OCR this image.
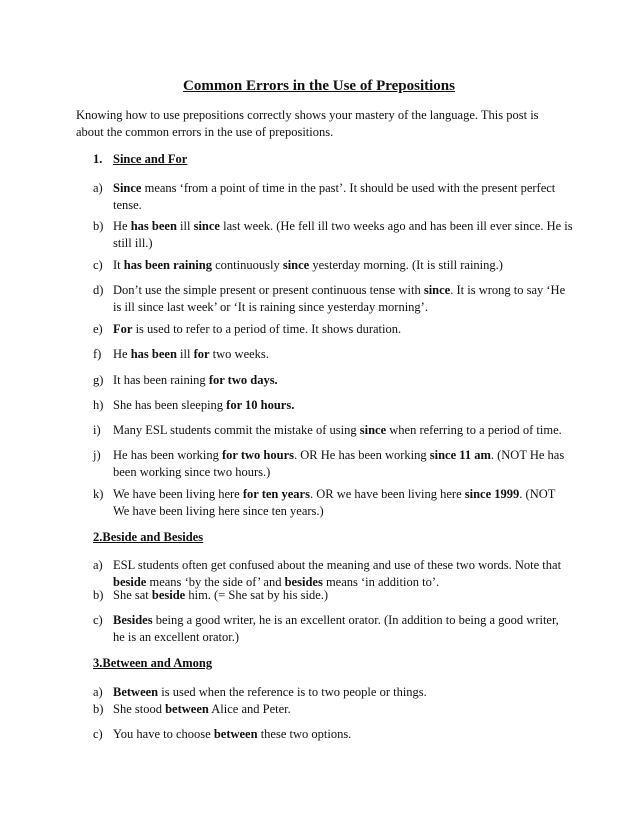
Common Errors in the Use of Prepositions
Knowing how to use prepositions correctly shows your mastery of the language. This post is about the common errors in the use of prepositions.
1. Since and For
a) Since means ‘from a point of time in the past’. It should be used with the present perfect tense.
b) He has been ill since last week. (He fell ill two weeks ago and has been ill ever since. He is still ill.)
c) It has been raining continuously since yesterday morning. (It is still raining.)
d) Don’t use the simple present or present continuous tense with since. It is wrong to say ‘He is ill since last week’ or ‘It is raining since yesterday morning’.
e) For is used to refer to a period of time. It shows duration.
f) He has been ill for two weeks.
g) It has been raining for two days.
h) She has been sleeping for 10 hours.
i) Many ESL students commit the mistake of using since when referring to a period of time.
j) He has been working for two hours. OR He has been working since 11 am. (NOT He has been working since two hours.)
k) We have been living here for ten years. OR we have been living here since 1999. (NOT We have been living here since ten years.)
2.Beside and Besides
a) ESL students often get confused about the meaning and use of these two words. Note that beside means ‘by the side of’ and besides means ‘in addition to’.
b) She sat beside him. (= She sat by his side.)
c) Besides being a good writer, he is an excellent orator. (In addition to being a good writer, he is an excellent orator.)
3.Between and Among
a) Between is used when the reference is to two people or things.
b) She stood between Alice and Peter.
c) You have to choose between these two options.
